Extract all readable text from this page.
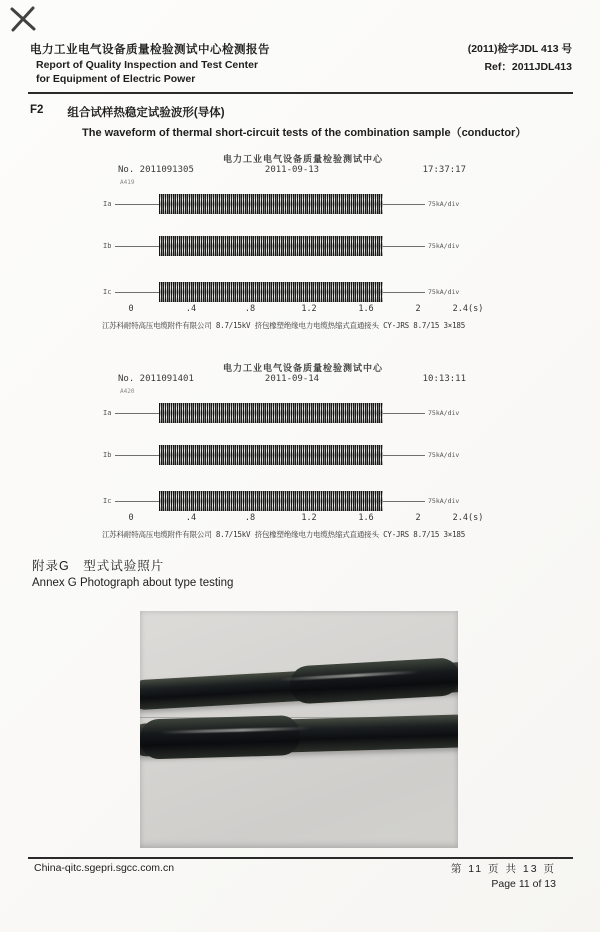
电力工业电气设备质量检验测试中心检测报告
Report of Quality Inspection and Test Center
for Equipment of Electric Power
(2011)检字JDL 413 号
Ref：2011JDL413
F2 组合试样热稳定试验波形(导体)
The waveform of thermal short-circuit tests of the combination sample（conductor）
电力工业电气设备质量检验测试中心
No. 2011091305	2011-09-13	17:37:17
A419
Ia	75kA/div
Ib	75kA/div
Ic	75kA/div
0	.4	.8	1.2	1.6	2	2.4(s)
江苏科耐特高压电缆附件有限公司 8.7/15kV 挤包橡塑绝缘电力电缆热缩式直通接头 CY-JRS 8.7/15 3×185
电力工业电气设备质量检验测试中心
No. 2011091401	2011-09-14	10:13:11
A420
Ia	75kA/div
Ib	75kA/div
Ic	75kA/div
0	.4	.8	1.2	1.6	2	2.4(s)
江苏科耐特高压电缆附件有限公司 8.7/15kV 挤包橡塑绝缘电力电缆热缩式直通接头 CY-JRS 8.7/15 3×185
附录G　型式试验照片
Annex G Photograph about type testing
China-qitc.sgepri.sgcc.com.cn	第 11 页 共 13 页
Page 11 of 13
